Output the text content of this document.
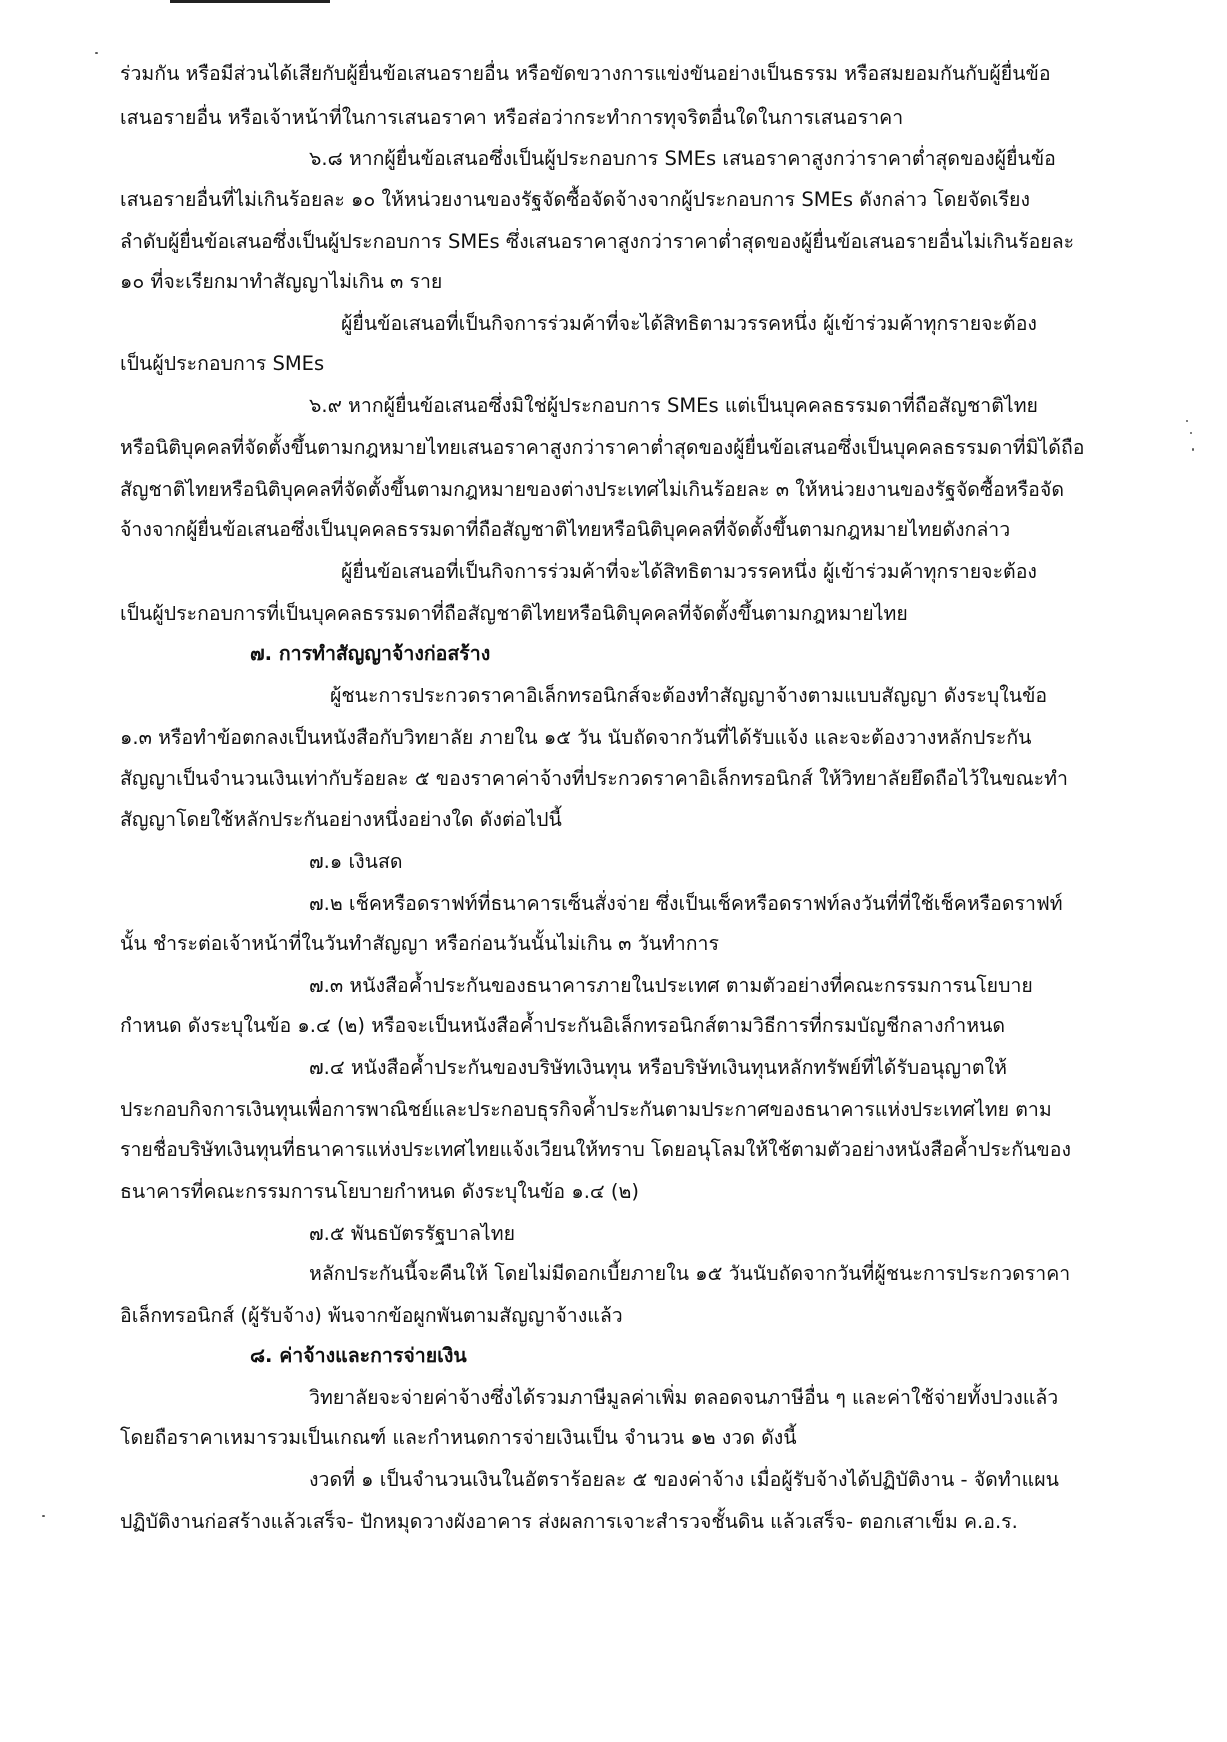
ร่วมกัน หรือมีส่วนได้เสียกับผู้ยื่นข้อเสนอรายอื่น หรือขัดขวางการแข่งขันอย่างเป็นธรรม หรือสมยอมกันกับผู้ยื่นข้อ

เสนอรายอื่น หรือเจ้าหน้าที่ในการเสนอราคา หรือส่อว่ากระทำการทุจริตอื่นใดในการเสนอราคา

๖.๘ หากผู้ยื่นข้อเสนอซึ่งเป็นผู้ประกอบการ SMEs เสนอราคาสูงกว่าราคาต่ำสุดของผู้ยื่นข้อ

เสนอรายอื่นที่ไม่เกินร้อยละ ๑๐ ให้หน่วยงานของรัฐจัดซื้อจัดจ้างจากผู้ประกอบการ SMEs ดังกล่าว โดยจัดเรียง

ลำดับผู้ยื่นข้อเสนอซึ่งเป็นผู้ประกอบการ SMEs ซึ่งเสนอราคาสูงกว่าราคาต่ำสุดของผู้ยื่นข้อเสนอรายอื่นไม่เกินร้อยละ

๑๐ ที่จะเรียกมาทำสัญญาไม่เกิน ๓ ราย

ผู้ยื่นข้อเสนอที่เป็นกิจการร่วมค้าที่จะได้สิทธิตามวรรคหนึ่ง ผู้เข้าร่วมค้าทุกรายจะต้อง

เป็นผู้ประกอบการ SMEs

๖.๙ หากผู้ยื่นข้อเสนอซึ่งมิใช่ผู้ประกอบการ SMEs แต่เป็นบุคคลธรรมดาที่ถือสัญชาติไทย

หรือนิติบุคคลที่จัดตั้งขึ้นตามกฎหมายไทยเสนอราคาสูงกว่าราคาต่ำสุดของผู้ยื่นข้อเสนอซึ่งเป็นบุคคลธรรมดาที่มิได้ถือ

สัญชาติไทยหรือนิติบุคคลที่จัดตั้งขึ้นตามกฎหมายของต่างประเทศไม่เกินร้อยละ ๓ ให้หน่วยงานของรัฐจัดซื้อหรือจัด

จ้างจากผู้ยื่นข้อเสนอซึ่งเป็นบุคคลธรรมดาที่ถือสัญชาติไทยหรือนิติบุคคลที่จัดตั้งขึ้นตามกฎหมายไทยดังกล่าว

ผู้ยื่นข้อเสนอที่เป็นกิจการร่วมค้าที่จะได้สิทธิตามวรรคหนึ่ง ผู้เข้าร่วมค้าทุกรายจะต้อง

เป็นผู้ประกอบการที่เป็นบุคคลธรรมดาที่ถือสัญชาติไทยหรือนิติบุคคลที่จัดตั้งขึ้นตามกฎหมายไทย

๗. การทำสัญญาจ้างก่อสร้าง

ผู้ชนะการประกวดราคาอิเล็กทรอนิกส์จะต้องทำสัญญาจ้างตามแบบสัญญา ดังระบุในข้อ

๑.๓ หรือทำข้อตกลงเป็นหนังสือกับวิทยาลัย ภายใน ๑๕ วัน นับถัดจากวันที่ได้รับแจ้ง และจะต้องวางหลักประกัน

สัญญาเป็นจำนวนเงินเท่ากับร้อยละ ๕ ของราคาค่าจ้างที่ประกวดราคาอิเล็กทรอนิกส์ ให้วิทยาลัยยึดถือไว้ในขณะทำ

สัญญาโดยใช้หลักประกันอย่างหนึ่งอย่างใด ดังต่อไปนี้

๗.๑ เงินสด

๗.๒ เช็คหรือดราฟท์ที่ธนาคารเซ็นสั่งจ่าย ซึ่งเป็นเช็คหรือดราฟท์ลงวันที่ที่ใช้เช็คหรือดราฟท์

นั้น ชำระต่อเจ้าหน้าที่ในวันทำสัญญา หรือก่อนวันนั้นไม่เกิน ๓ วันทำการ

๗.๓ หนังสือค้ำประกันของธนาคารภายในประเทศ ตามตัวอย่างที่คณะกรรมการนโยบาย

กำหนด ดังระบุในข้อ ๑.๔ (๒) หรือจะเป็นหนังสือค้ำประกันอิเล็กทรอนิกส์ตามวิธีการที่กรมบัญชีกลางกำหนด

๗.๔ หนังสือค้ำประกันของบริษัทเงินทุน หรือบริษัทเงินทุนหลักทรัพย์ที่ได้รับอนุญาตให้

ประกอบกิจการเงินทุนเพื่อการพาณิชย์และประกอบธุรกิจค้ำประกันตามประกาศของธนาคารแห่งประเทศไทย ตาม

รายชื่อบริษัทเงินทุนที่ธนาคารแห่งประเทศไทยแจ้งเวียนให้ทราบ โดยอนุโลมให้ใช้ตามตัวอย่างหนังสือค้ำประกันของ

ธนาคารที่คณะกรรมการนโยบายกำหนด ดังระบุในข้อ ๑.๔ (๒)

๗.๕ พันธบัตรรัฐบาลไทย

หลักประกันนี้จะคืนให้ โดยไม่มีดอกเบี้ยภายใน ๑๕ วันนับถัดจากวันที่ผู้ชนะการประกวดราคา

อิเล็กทรอนิกส์ (ผู้รับจ้าง) พ้นจากข้อผูกพันตามสัญญาจ้างแล้ว

๘. ค่าจ้างและการจ่ายเงิน

วิทยาลัยจะจ่ายค่าจ้างซึ่งได้รวมภาษีมูลค่าเพิ่ม ตลอดจนภาษีอื่น ๆ และค่าใช้จ่ายทั้งปวงแล้ว

โดยถือราคาเหมารวมเป็นเกณฑ์ และกำหนดการจ่ายเงินเป็น จำนวน ๑๒ งวด ดังนี้

งวดที่ ๑ เป็นจำนวนเงินในอัตราร้อยละ ๕ ของค่าจ้าง เมื่อผู้รับจ้างได้ปฏิบัติงาน - จัดทำแผน

ปฏิบัติงานก่อสร้างแล้วเสร็จ- ปักหมุดวางผังอาคาร ส่งผลการเจาะสำรวจชั้นดิน แล้วเสร็จ- ตอกเสาเข็ม ค.อ.ร.
